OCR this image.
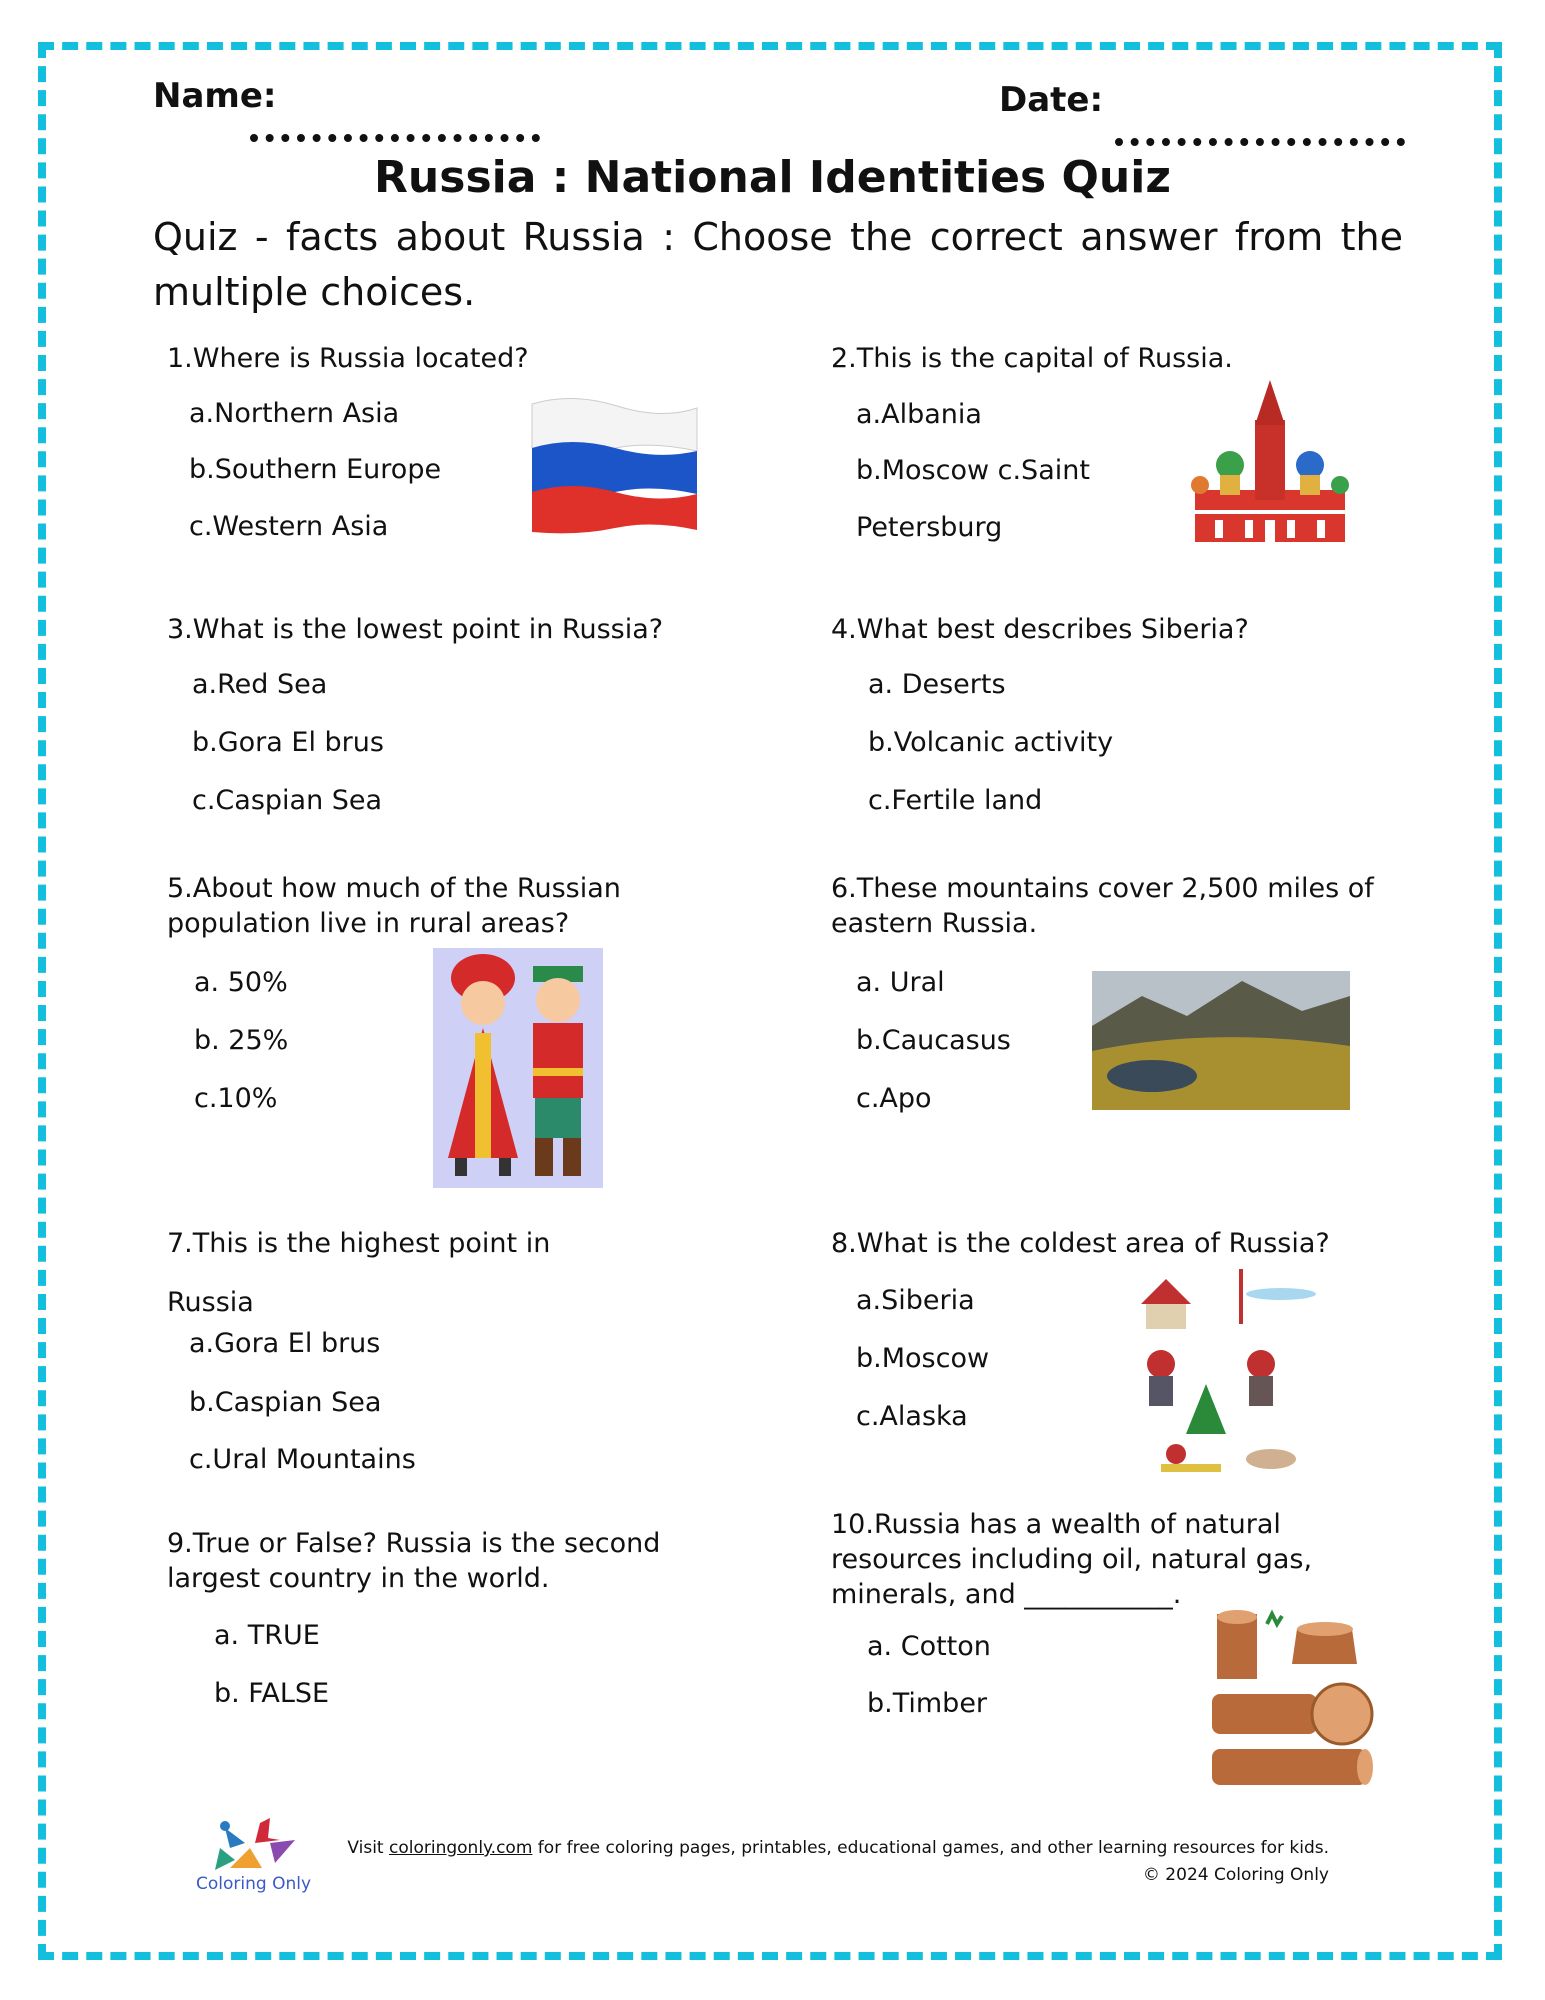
Name:	Date:
Russia : National Identities Quiz
Quiz - facts about Russia : Choose the correct answer from the multiple choices.
1.Where is Russia located?
a.Northern Asia
b.Southern Europe
c.Western Asia
2.This is the capital of Russia.
a.Albania
b.Moscow c.Saint
Petersburg
3.What is the lowest point in Russia?
a.Red Sea
b.Gora El brus
c.Caspian Sea
4.What best describes Siberia?
a. Deserts
b.Volcanic activity
c.Fertile land
5.About how much of the Russian population live in rural areas?
a. 50%
b. 25%
c.10%
6.These mountains cover 2,500 miles of eastern Russia.
a. Ural
b.Caucasus
c.Apo
7.This is the highest point in
Russia
a.Gora El brus
b.Caspian Sea
c.Ural Mountains
8.What is the coldest area of Russia?
a.Siberia
b.Moscow
c.Alaska
9.True or False? Russia is the second largest country in the world.
a. TRUE
b. FALSE
10.Russia has a wealth of natural resources including oil, natural gas, minerals, and ___________.
a. Cotton
b.Timber
Coloring Only
Visit coloringonly.com for free coloring pages, printables, educational games, and other learning resources for kids.
© 2024 Coloring Only
